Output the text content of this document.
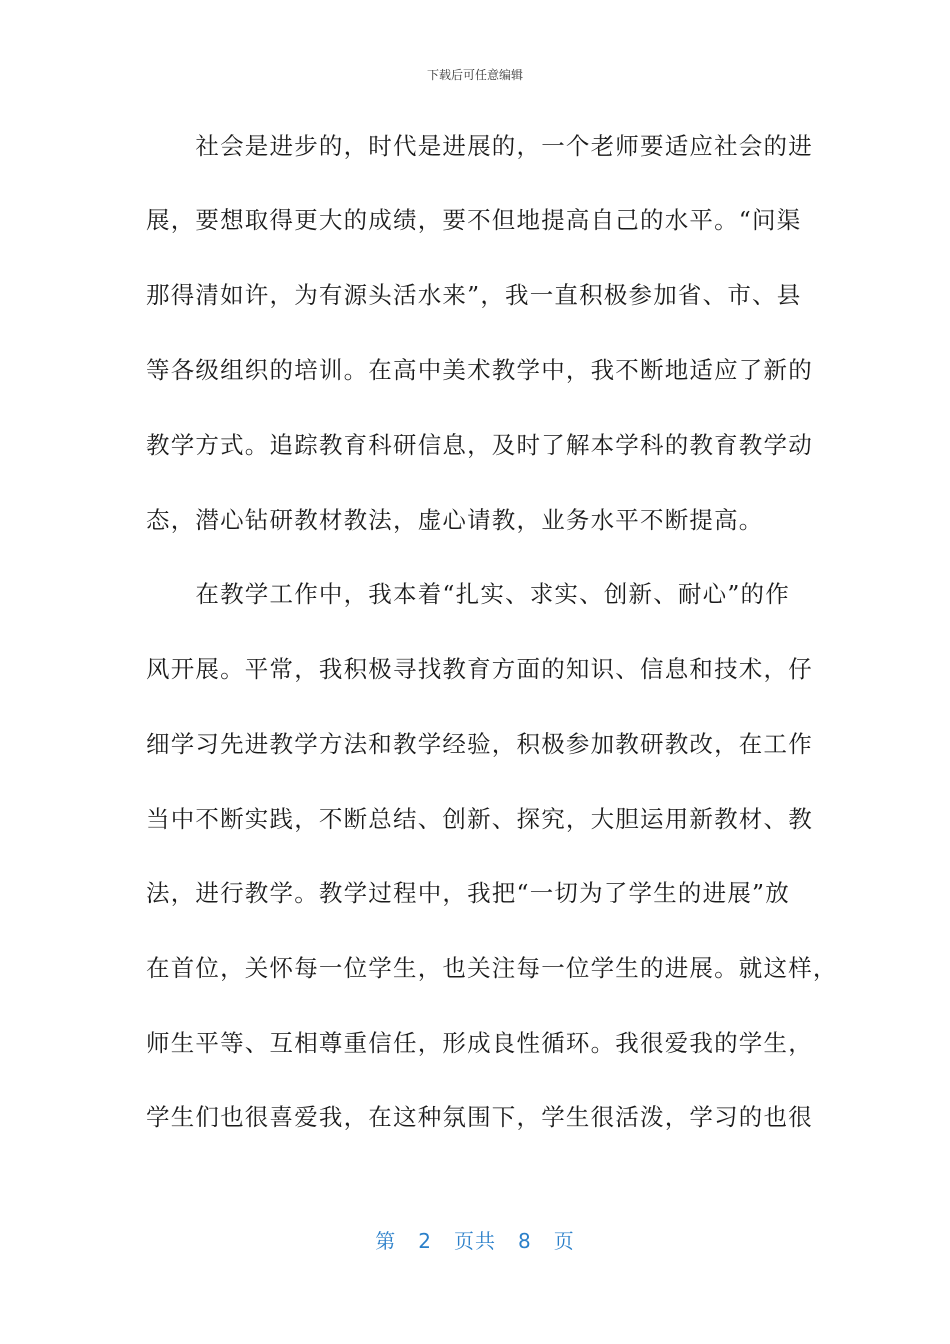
下载后可任意编辑
　　社会是进步的，时代是进展的，一个老师要适应社会的进
展，要想取得更大的成绩，要不但地提高自己的水平。“问渠
那得清如许，为有源头活水来”，我一直积极参加省、市、县
等各级组织的培训。在高中美术教学中，我不断地适应了新的
教学方式。追踪教育科研信息，及时了解本学科的教育教学动
态，潜心钻研教材教法，虚心请教，业务水平不断提高。
　　在教学工作中，我本着“扎实、求实、创新、耐心”的作
风开展。平常，我积极寻找教育方面的知识、信息和技术，仔
细学习先进教学方法和教学经验，积极参加教研教改，在工作
当中不断实践，不断总结、创新、探究，大胆运用新教材、教
法，进行教学。教学过程中，我把“一切为了学生的进展”放
在首位，关怀每一位学生，也关注每一位学生的进展。就这样，
师生平等、互相尊重信任，形成良性循环。我很爱我的学生，
学生们也很喜爱我，在这种氛围下，学生很活泼，学习的也很
第 2 页共 8 页
